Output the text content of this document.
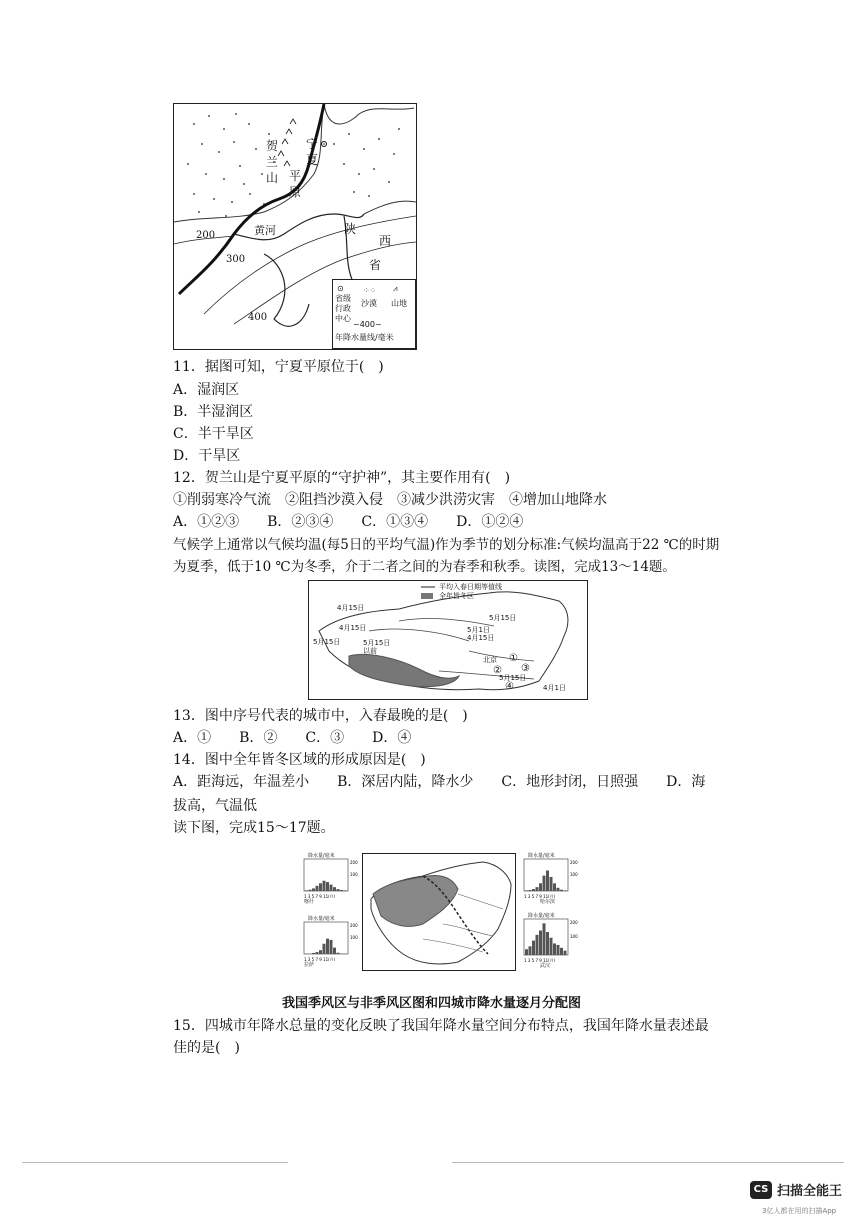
贺
兰
山
宁
夏
平
原
黄河	陕
西
省
200
300
400
⊙
省级行政中心
⁘⁘
沙漠
⩘
山地
~400~
年降水量线/毫米
11．据图可知，宁夏平原位于(　)
A．湿润区
B．半湿润区
C．半干旱区
D．干旱区
12．贺兰山是宁夏平原的“守护神”，其主要作用有(　)
①削弱寒冷气流　②阻挡沙漠入侵　③减少洪涝灾害　④增加山地降水
A．①②③　　B．②③④　　C．①③④　　D．①②④
气候学上通常以气候均温(每5日的平均气温)作为季节的划分标准:气候均温高于22 ℃的时期为夏季，低于10 ℃为冬季，介于二者之间的为春季和秋季。读图，完成13～14题。
平均入春日期等值线
全年皆冬区
4月15日
4月15日
5月15日	5月15日以前
5月15日
5月1日
4月15日
5月15日
4月1日
北京 ①
② ③
④
13．图中序号代表的城市中，入春最晚的是(　)
A．①　　B．②　　C．③　　D．④
14．图中全年皆冬区域的形成原因是(　)
A．距海远，年温差小　　B．深居内陆，降水少　　C．地形封闭，日照强　　D．海
拔高，气温低
读下图，完成15～17题。
降水量/毫米
200
100
1 3 5 7 9 11(月)
喀什
降水量/毫米
200
100
1 3 5 7 9 11(月)
哈尔滨
降水量/毫米
200
100
1 3 5 7 9 11(月)
拉萨
降水量/毫米
200
100
1 3 5 7 9 11(月)
武汉
我国季风区与非季风区图和四城市降水量逐月分配图
15．四城市年降水总量的变化反映了我国年降水量空间分布特点，我国年降水量表述最
佳的是(　)
CS 扫描全能王
3亿人都在用的扫描App
